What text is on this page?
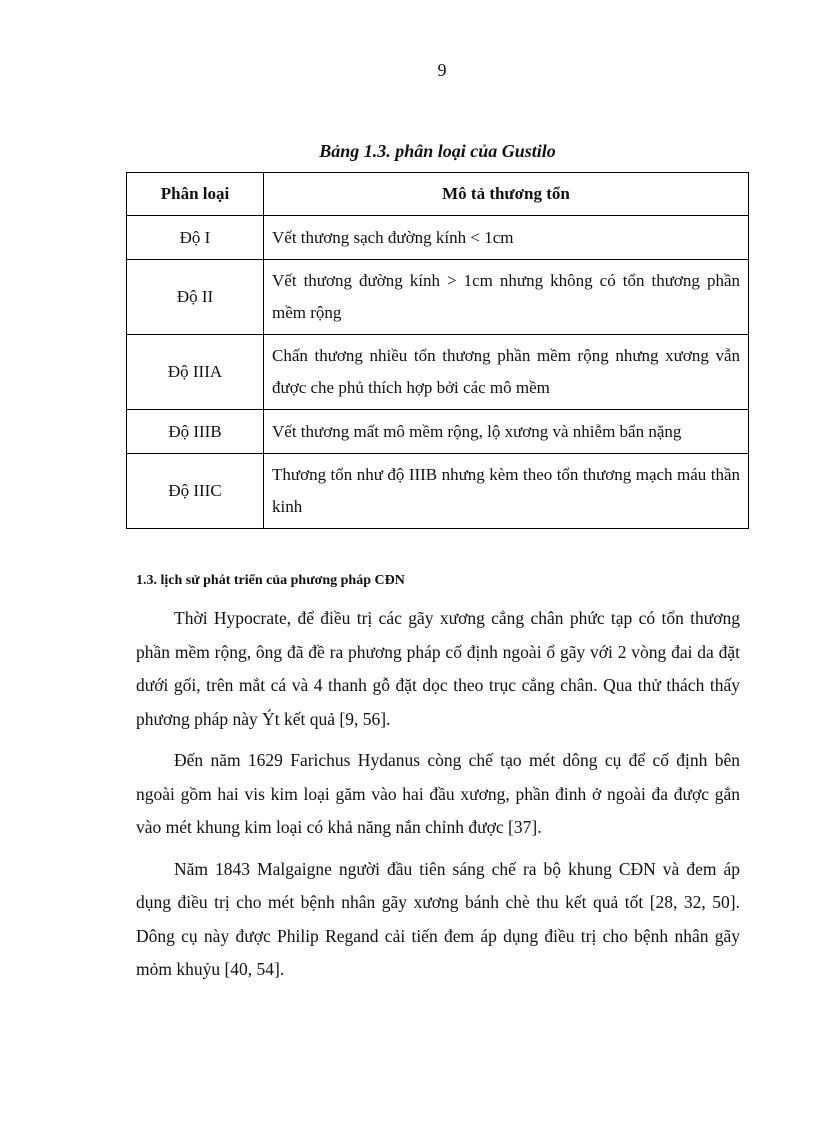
9
Bảng 1.3. phân loại của Gustilo
Phân loại	Mô tả thương tổn
Độ I	Vết thương sạch đường kính < 1cm
Độ II	Vết thương đường kính > 1cm nhưng không có tổn thương phần mềm rộng
Độ IIIA	Chấn thương nhiều tổn thương phần mềm rộng nhưng xương vẫn được che phủ thích hợp bởi các mô mềm
Độ IIIB	Vết thương mất mô mềm rộng, lộ xương và nhiễm bẩn nặng
Độ IIIC	Thương tổn như độ IIIB nhưng kèm theo tổn thương mạch máu thần kinh
1.3. lịch sử phát triển của phương pháp CĐN

Thời Hypocrate, để điều trị các gãy xương cẳng chân phức tạp có tổn thương phần mềm rộng, ông đã đề ra phương pháp cố định ngoài ổ gãy với 2 vòng đai da đặt dưới gối, trên mắt cá và 4 thanh gỗ đặt dọc theo trục cẳng chân. Qua thử thách thấy phương pháp này Ýt kết quả [9, 56].

Đến năm 1629 Farichus Hydanus còng chế tạo mét dông cụ để cố định bên ngoài gồm hai vis kim loại găm vào hai đầu xương, phần đinh ở ngoài đa được gắn vào mét khung kim loại có khả năng nắn chỉnh được [37].

Năm 1843 Malgaigne người đầu tiên sáng chế ra bộ khung CĐN và đem áp dụng điều trị cho mét bệnh nhân gãy xương bánh chè thu kết quả tốt [28, 32, 50]. Dông cụ này được Philip Regand cải tiến đem áp dụng điều trị cho bệnh nhân gãy mỏm khuỷu [40, 54].
